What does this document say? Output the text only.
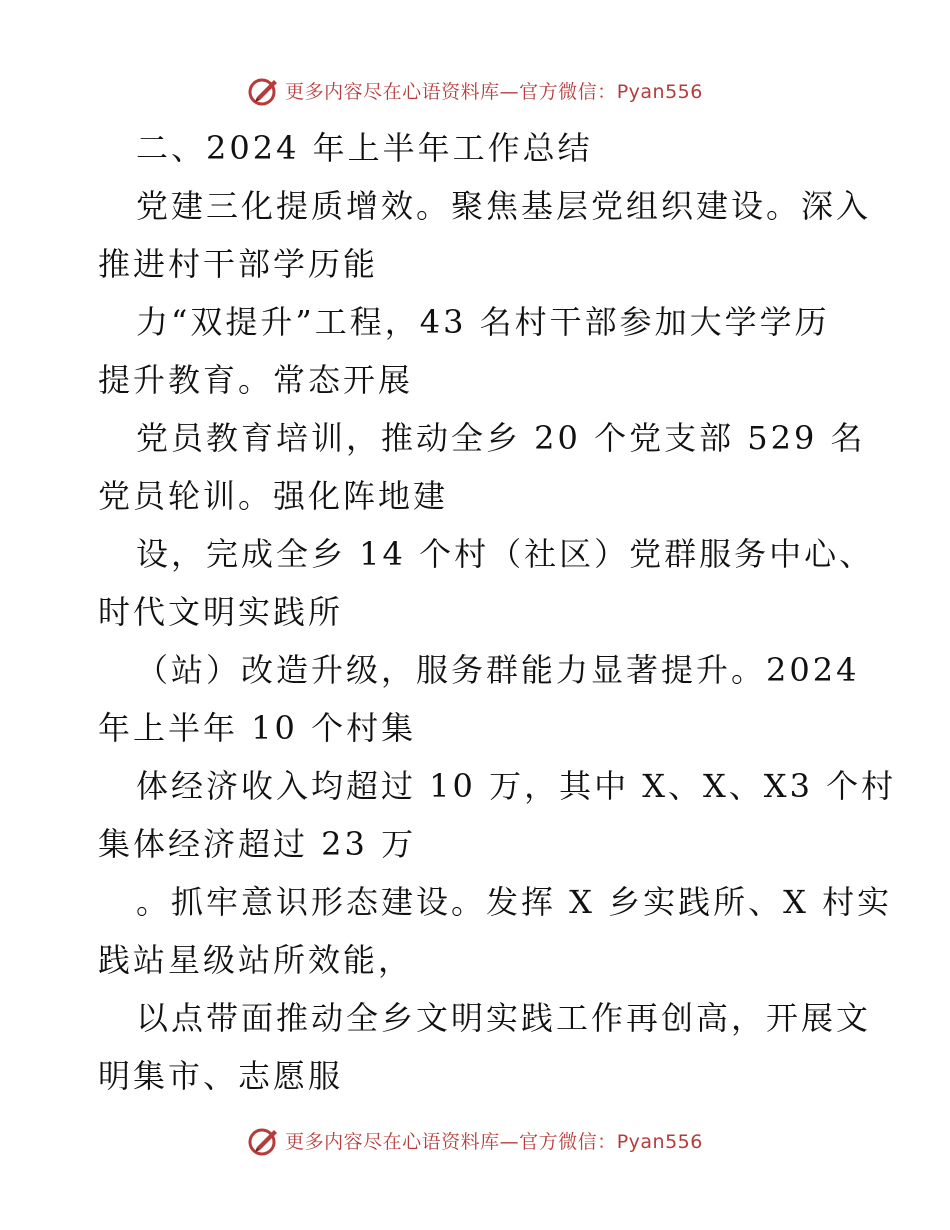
更多内容尽在心语资料库—官方微信：Pyan556
二、2024 年上半年工作总结
党建三化提质增效。聚焦基层党组织建设。深入
推进村干部学历能
力“双提升”工程，43 名村干部参加大学学历
提升教育。常态开展
党员教育培训，推动全乡 20 个党支部 529 名
党员轮训。强化阵地建
设，完成全乡 14 个村（社区）党群服务中心、
时代文明实践所
（站）改造升级，服务群能力显著提升。2024
年上半年 10 个村集
体经济收入均超过 10 万，其中 X、X、X3 个村
集体经济超过 23 万
。抓牢意识形态建设。发挥 X 乡实践所、X 村实
践站星级站所效能，
以点带面推动全乡文明实践工作再创高，开展文
明集市、志愿服
更多内容尽在心语资料库—官方微信：Pyan556
